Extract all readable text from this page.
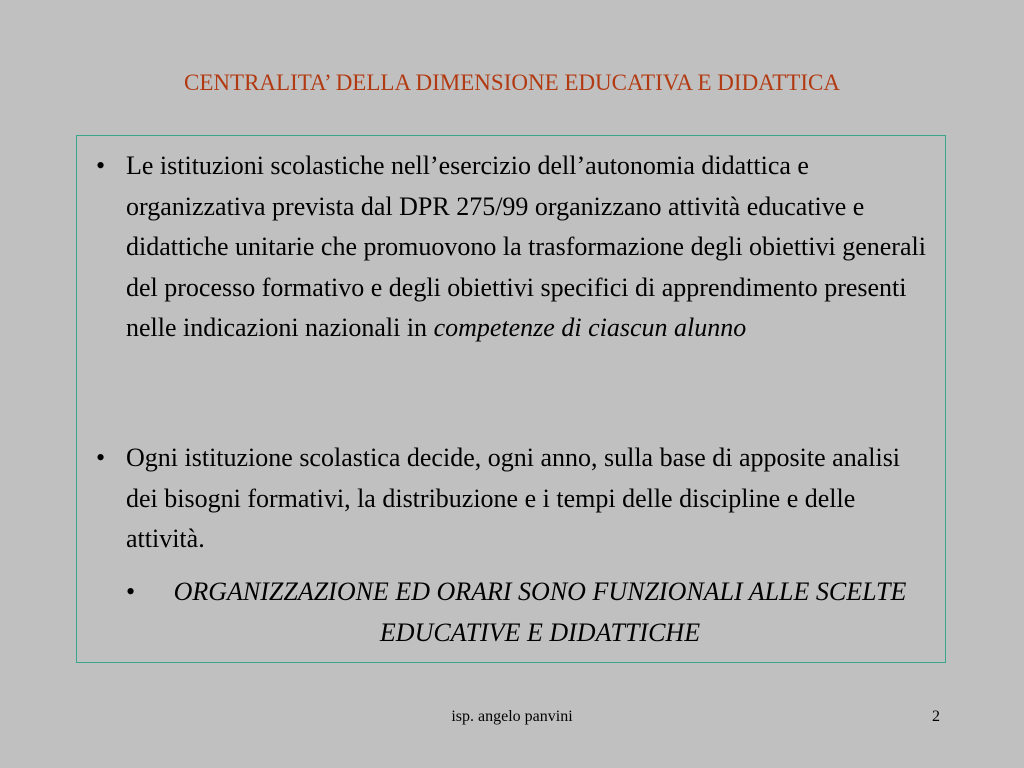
CENTRALITA’ DELLA DIMENSIONE EDUCATIVA E DIDATTICA
• Le istituzioni scolastiche nell’esercizio dell’autonomia didattica e organizzativa prevista dal DPR 275/99 organizzano attività educative e didattiche unitarie che promuovono la trasformazione degli obiettivi generali del processo formativo e degli obiettivi specifici di apprendimento presenti nelle indicazioni nazionali in competenze di ciascun alunno
• Ogni istituzione scolastica decide, ogni anno, sulla base di apposite analisi dei bisogni formativi, la distribuzione e i tempi delle discipline e delle attività.
• ORGANIZZAZIONE ED ORARI SONO FUNZIONALI ALLE SCELTE EDUCATIVE E DIDATTICHE
isp. angelo panvini	2
